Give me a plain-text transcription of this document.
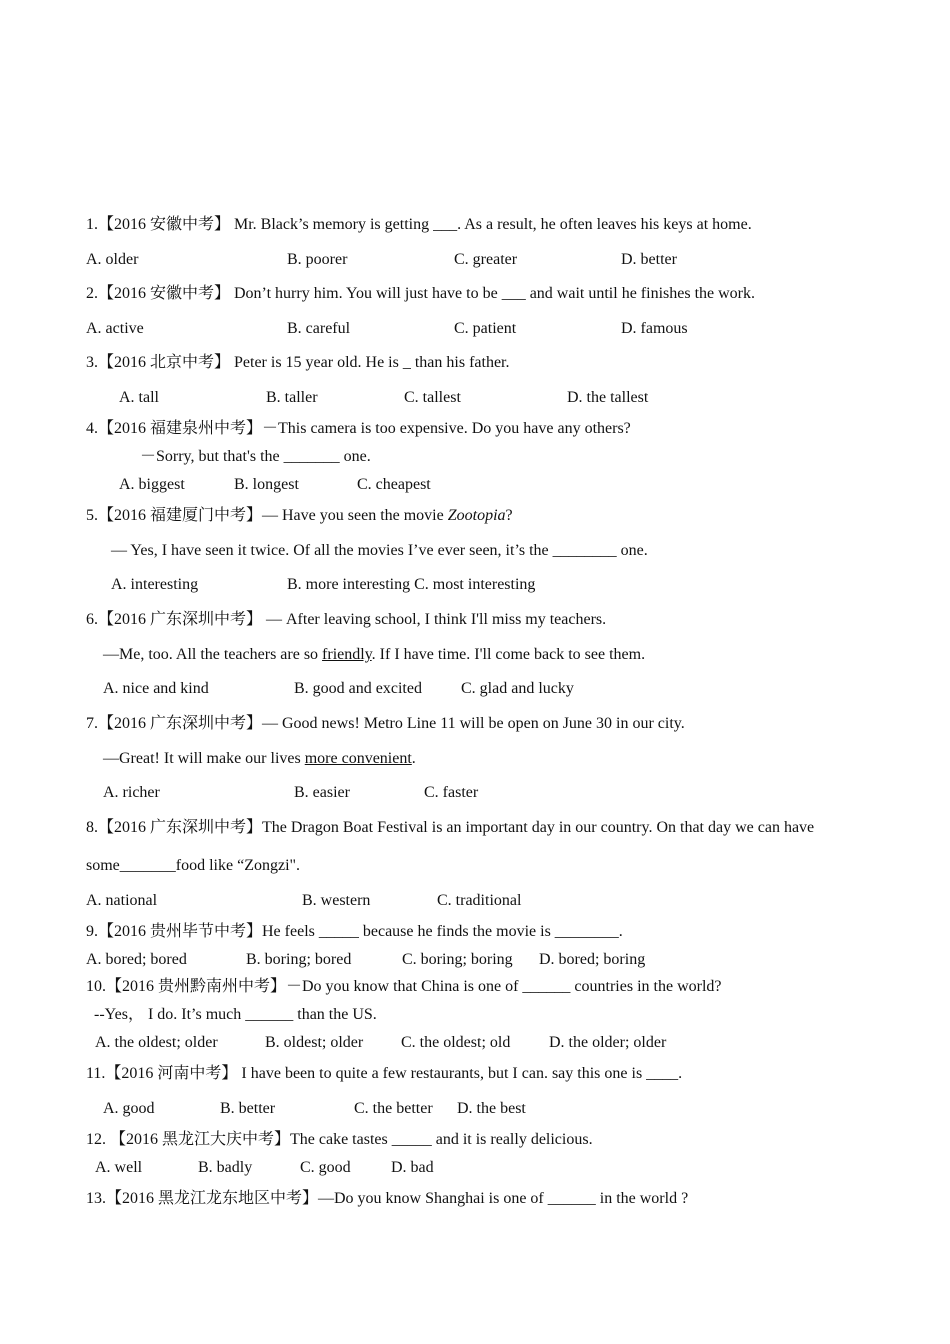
1.【2016 安徽中考】 Mr. Black’s memory is getting ___. As a result, he often leaves his keys at home.
A. older	B. poorer	C. greater	D. better
2.【2016 安徽中考】 Don’t hurry him. You will just have to be ___ and wait until he finishes the work.
A. active	B. careful	C. patient	D. famous
3.【2016 北京中考】 Peter is 15 year old. He is _ than his father.
A. tall	B. taller	C. tallest	D. the tallest
4.【2016 福建泉州中考】－This camera is too expensive. Do you have any others?
－Sorry, but that's the _______ one.
A. biggest	B. longest	C. cheapest
5.【2016 福建厦门中考】— Have you seen the movie Zootopia?
— Yes, I have seen it twice. Of all the movies I’ve ever seen, it’s the ________ one.
A. interesting	B. more interesting C. most interesting
6.【2016 广东深圳中考】 — After leaving school, I think I'll miss my teachers.
—Me, too. All the teachers are so friendly. If I have time. I'll come back to see them.
A. nice and kind	B. good and excited C. glad and lucky
7.【2016 广东深圳中考】— Good news! Metro Line 11 will be open on June 30 in our city.
—Great! It will make our lives more convenient.
A. richer	B. easier	C. faster
8.【2016 广东深圳中考】The Dragon Boat Festival is an important day in our country. On that day we can have
some_______food like “Zongzi".
A. national	B. western	C. traditional
9.【2016 贵州毕节中考】He feels _____ because he finds the movie is ________.
A. bored; bored	B. boring; bored	C. boring; boring D. bored; boring
10.【2016 贵州黔南州中考】－Do you know that China is one of ______ countries in the world?
--Yes， I do. It’s much ______ than the US.
A. the oldest; older	B. oldest; older C. the oldest; old D. the older; older
11.【2016 河南中考】 I have been to quite a few restaurants, but I can. say this one is ____.
A. good	B. better	C. the better D. the best
12. 【2016 黑龙江大庆中考】The cake tastes _____ and it is really delicious.
A. well	B. badly	C. good	D. bad
13.【2016 黑龙江龙东地区中考】—Do you know Shanghai is one of ______ in the world ?
